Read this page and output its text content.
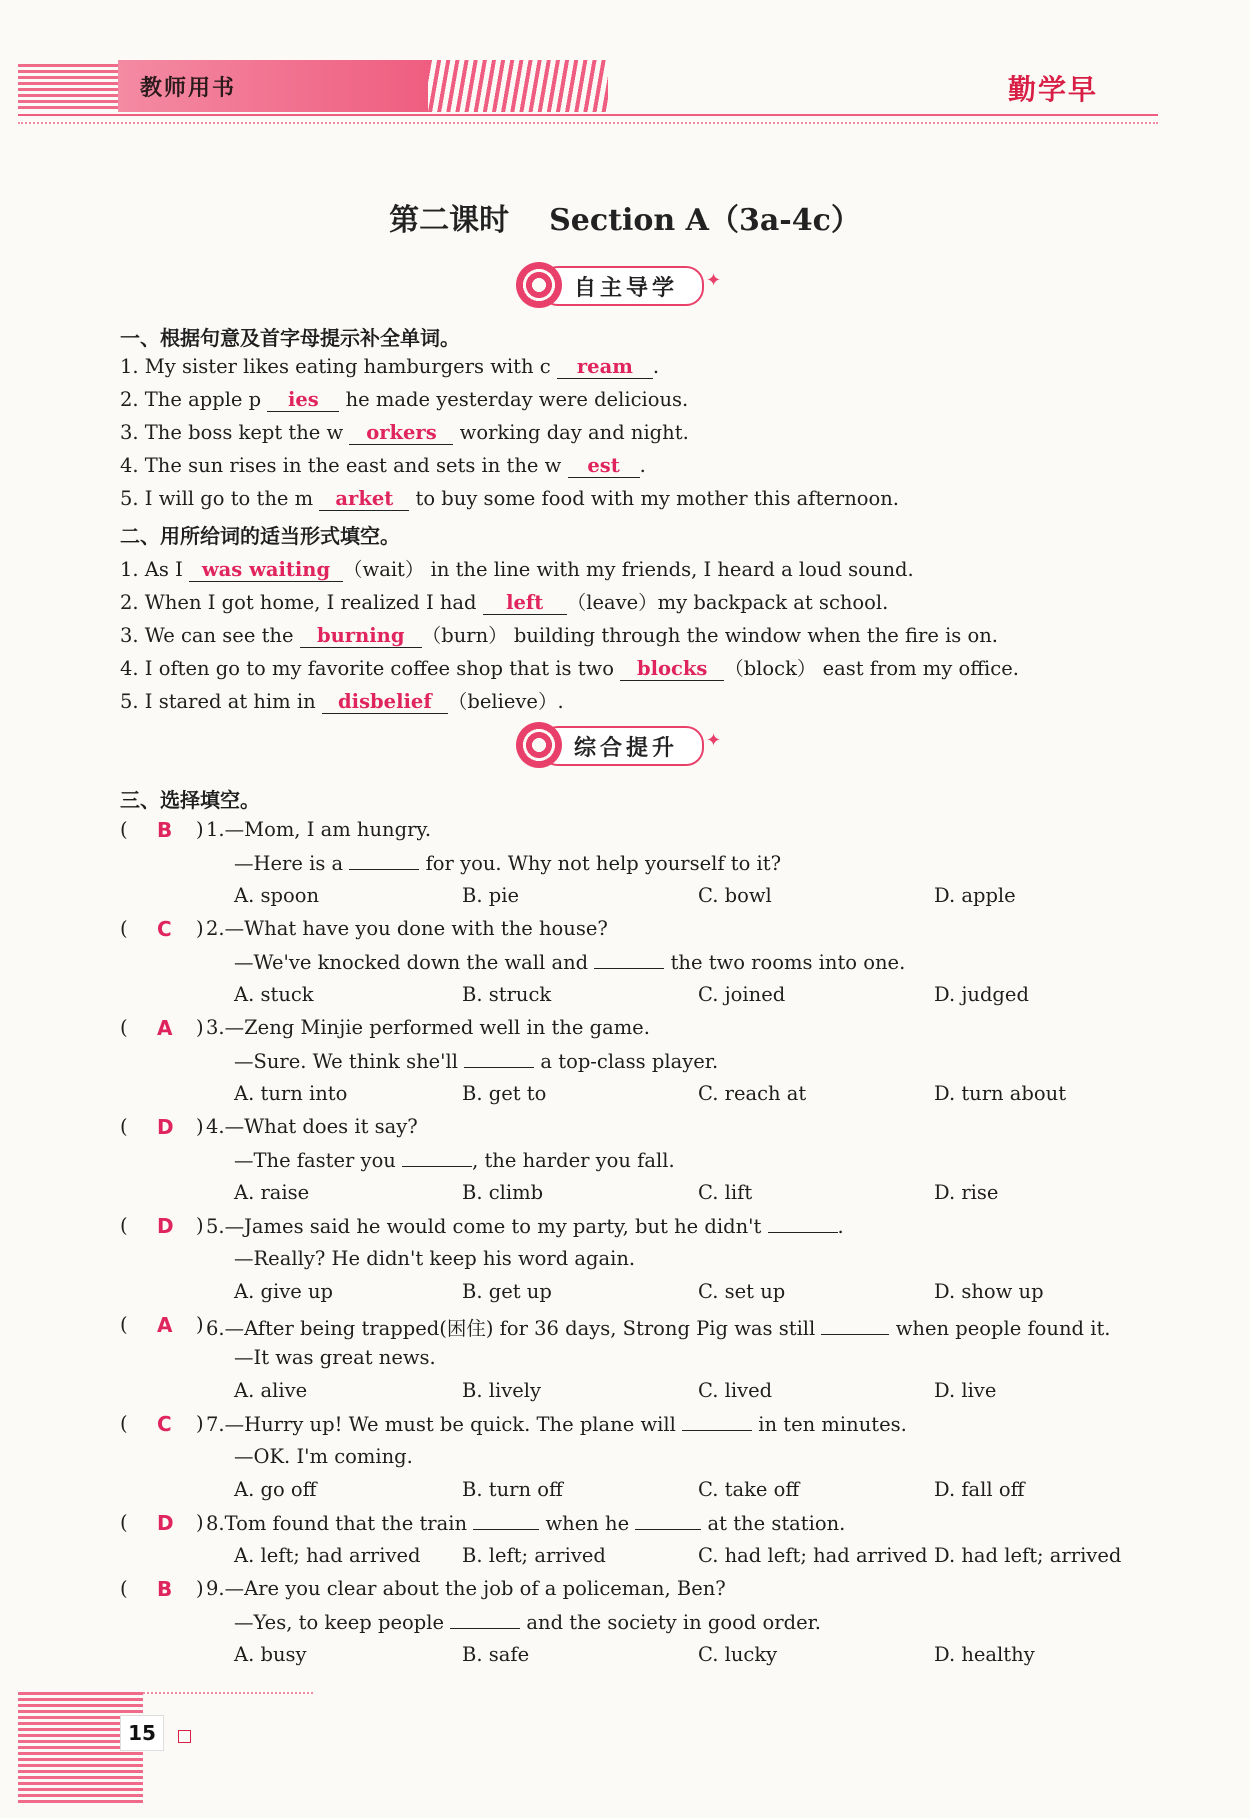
教师用书	勤学早
第二课时 Section A（3a-4c）
自主导学 ✦
一、根据句意及首字母提示补全单词。
1. My sister likes eating hamburgers with c ream .
2. The apple p ies he made yesterday were delicious.
3. The boss kept the w orkers working day and night.
4. The sun rises in the east and sets in the w est .
5. I will go to the m arket to buy some food with my mother this afternoon.
二、用所给词的适当形式填空。
1. As I was waiting （wait） in the line with my friends, I heard a loud sound.
2. When I got home, I realized I had left （leave）my backpack at school.
3. We can see the burning （burn） building through the window when the fire is on.
4. I often go to my favorite coffee shop that is two blocks （block） east from my office.
5. I stared at him in disbelief （believe）.
综合提升 ✦
三、选择填空。
( B ) 1.—Mom, I am hungry.
—Here is a	for you. Why not help yourself to it?
A. spoon	B. pie	C. bowl	D. apple
( C ) 2.—What have you done with the house?
—We've knocked down the wall and	the two rooms into one.
A. stuck	B. struck	C. joined	D. judged
( A ) 3.—Zeng Minjie performed well in the game.
—Sure. We think she'll	a top-class player.
A. turn into	B. get to	C. reach at	D. turn about
( D ) 4.—What does it say?
—The faster you	, the harder you fall.
A. raise	B. climb	C. lift	D. rise
( D ) 5.—James said he would come to my party, but he didn't	.
—Really? He didn't keep his word again.
A. give up	B. get up	C. set up	D. show up
( A ) 6.—After being trapped(困住) for 36 days, Strong Pig was still	when people found it.
—It was great news.
A. alive	B. lively	C. lived	D. live
( C ) 7.—Hurry up! We must be quick. The plane will	in ten minutes.
—OK. I'm coming.
A. go off	B. turn off	C. take off	D. fall off
( D ) 8.Tom found that the train	when he	at the station.
A. left; had arrived B. left; arrived	C. had left; had arrived D. had left; arrived
( B ) 9.—Are you clear about the job of a policeman, Ben?
—Yes, to keep people	and the society in good order.
A. busy	B. safe	C. lucky	D. healthy
15
